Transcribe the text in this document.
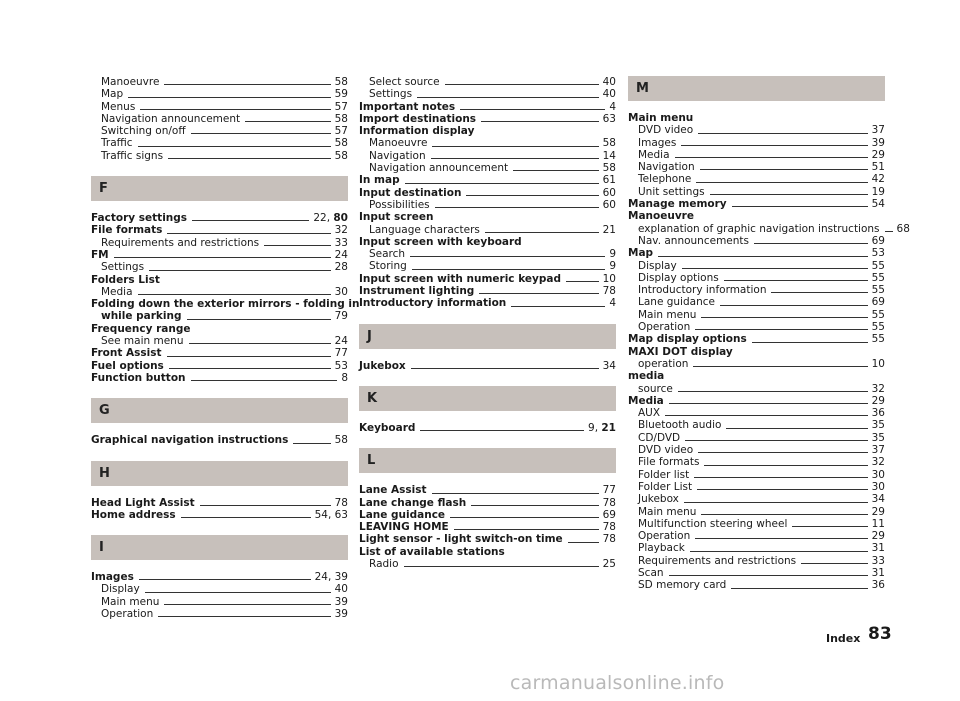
Manoeuvre	58
Map	59
Menus	57
Navigation announcement	58
Switching on/off	57
Traffic	58
Traffic signs	58
F
Factory settings	22, 80
File formats	32
Requirements and restrictions	33
FM	24
Settings	28
Folders List
Media	30
Folding down the exterior mirrors - folding in
while parking	79
Frequency range
See main menu	24
Front Assist	77
Fuel options	53
Function button	8
G
Graphical navigation instructions	58
H
Head Light Assist	78
Home address	54, 63
I
Images	24, 39
Display	40
Main menu	39
Operation	39
Select source	40
Settings	40
Important notes	4
Import destinations	63
Information display
Manoeuvre	58
Navigation	14
Navigation announcement	58
In map	61
Input destination	60
Possibilities	60
Input screen
Language characters	21
Input screen with keyboard
Search	9
Storing	9
Input screen with numeric keypad	10
Instrument lighting	78
Introductory information	4
J
Jukebox	34
K
Keyboard	9, 21
L
Lane Assist	77
Lane change flash	78
Lane guidance	69
LEAVING HOME	78
Light sensor - light switch-on time	78
List of available stations
Radio	25
M
Main menu
DVD video	37
Images	39
Media	29
Navigation	51
Telephone	42
Unit settings	19
Manage memory	54
Manoeuvre
explanation of graphic navigation instructions 68
Nav. announcements	69
Map	53
Display	55
Display options	55
Introductory information	55
Lane guidance	69
Main menu	55
Operation	55
Map display options	55
MAXI DOT display
operation	10
media
source	32
Media	29
AUX	36
Bluetooth audio	35
CD/DVD	35
DVD video	37
File formats	32
Folder list	30
Folder List	30
Jukebox	34
Main menu	29
Multifunction steering wheel	11
Operation	29
Playback	31
Requirements and restrictions	33
Scan	31
SD memory card	36
Index 83
carmanualsonline.info
